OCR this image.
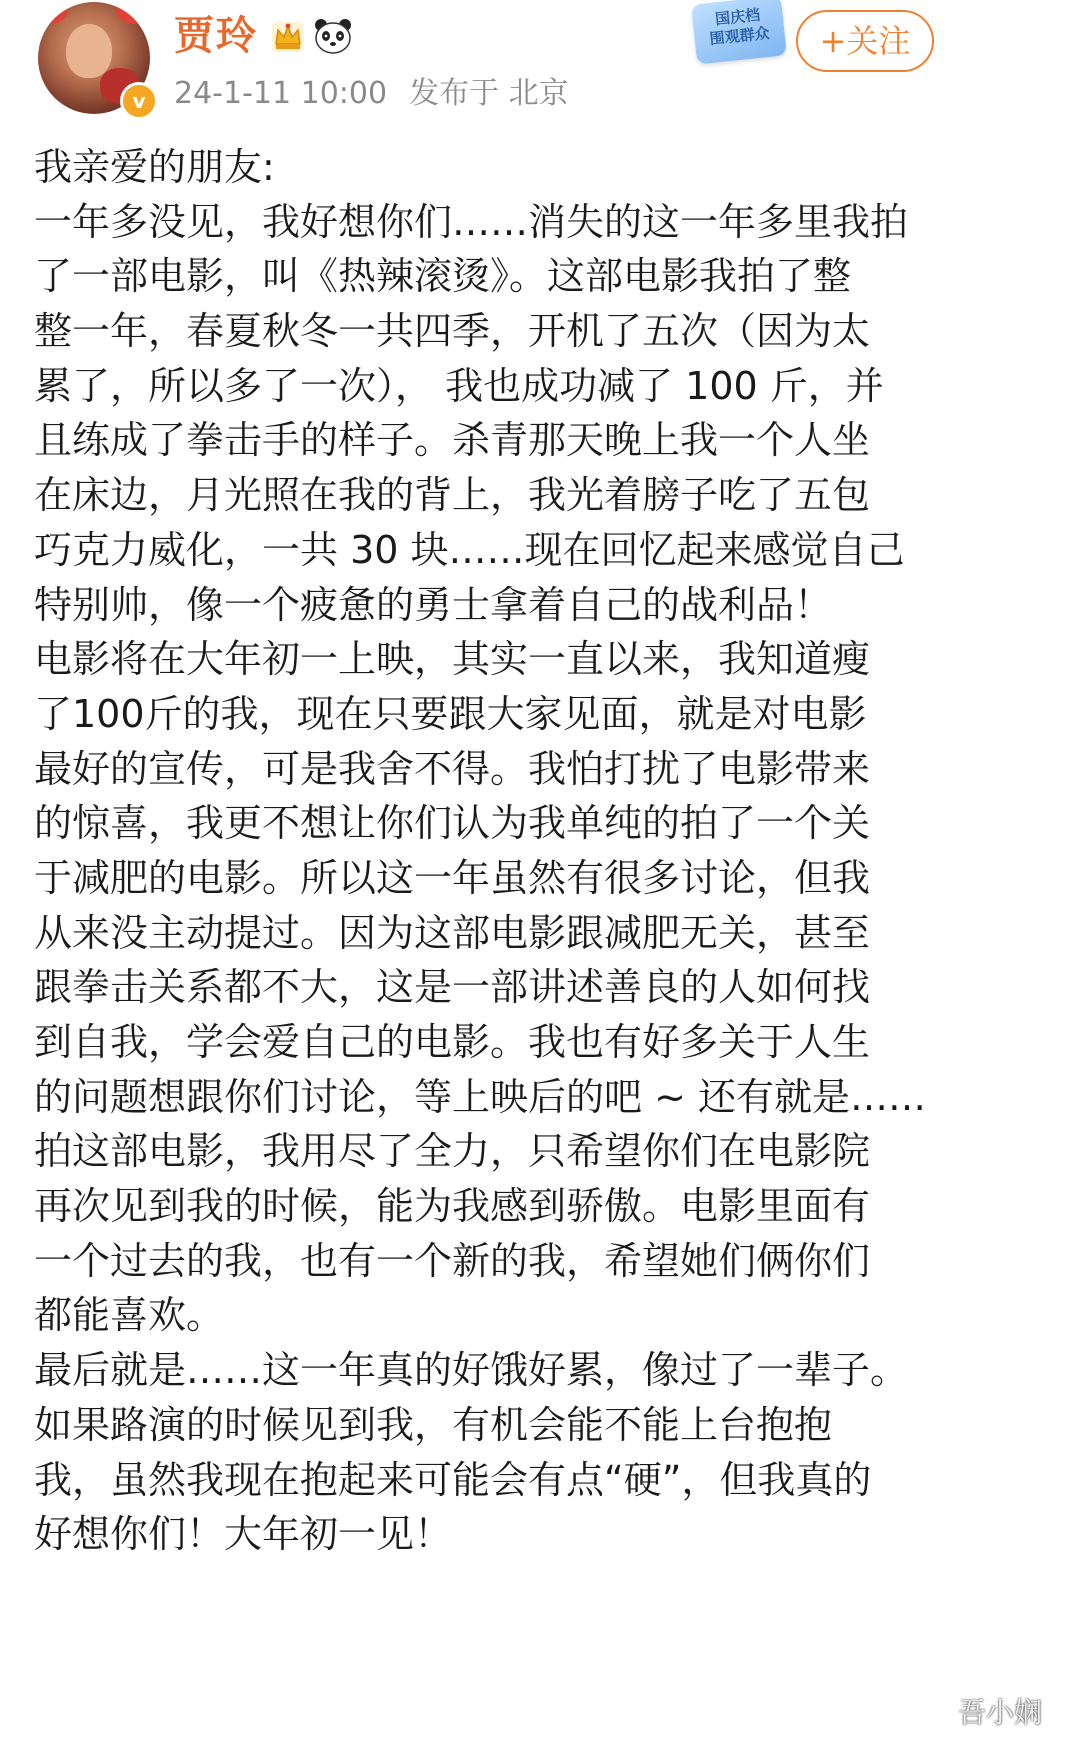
v
贾玲
24-1-11 10:00 发布于 北京
国庆档
围观群众	+关注
我亲爱的朋友:
一年多没见，我好想你们……消失的这一年多里我拍
了一部电影，叫《热辣滚烫》。这部电影我拍了整
整一年，春夏秋冬一共四季，开机了五次（因为太
累了，所以多了一次）， 我也成功减了 100 斤，并
且练成了拳击手的样子。杀青那天晚上我一个人坐
在床边，月光照在我的背上，我光着膀子吃了五包
巧克力威化，一共 30 块……现在回忆起来感觉自己
特别帅，像一个疲惫的勇士拿着自己的战利品！
电影将在大年初一上映，其实一直以来，我知道瘦
了100斤的我，现在只要跟大家见面，就是对电影
最好的宣传，可是我舍不得。我怕打扰了电影带来
的惊喜，我更不想让你们认为我单纯的拍了一个关
于减肥的电影。所以这一年虽然有很多讨论，但我
从来没主动提过。因为这部电影跟减肥无关，甚至
跟拳击关系都不大，这是一部讲述善良的人如何找
到自我，学会爱自己的电影。我也有好多关于人生
的问题想跟你们讨论，等上映后的吧 ~ 还有就是……
拍这部电影，我用尽了全力，只希望你们在电影院
再次见到我的时候，能为我感到骄傲。电影里面有
一个过去的我，也有一个新的我，希望她们俩你们
都能喜欢。
最后就是……这一年真的好饿好累，像过了一辈子。
如果路演的时候见到我，有机会能不能上台抱抱
我，虽然我现在抱起来可能会有点“硬”，但我真的
好想你们！大年初一见！
吾小娴
